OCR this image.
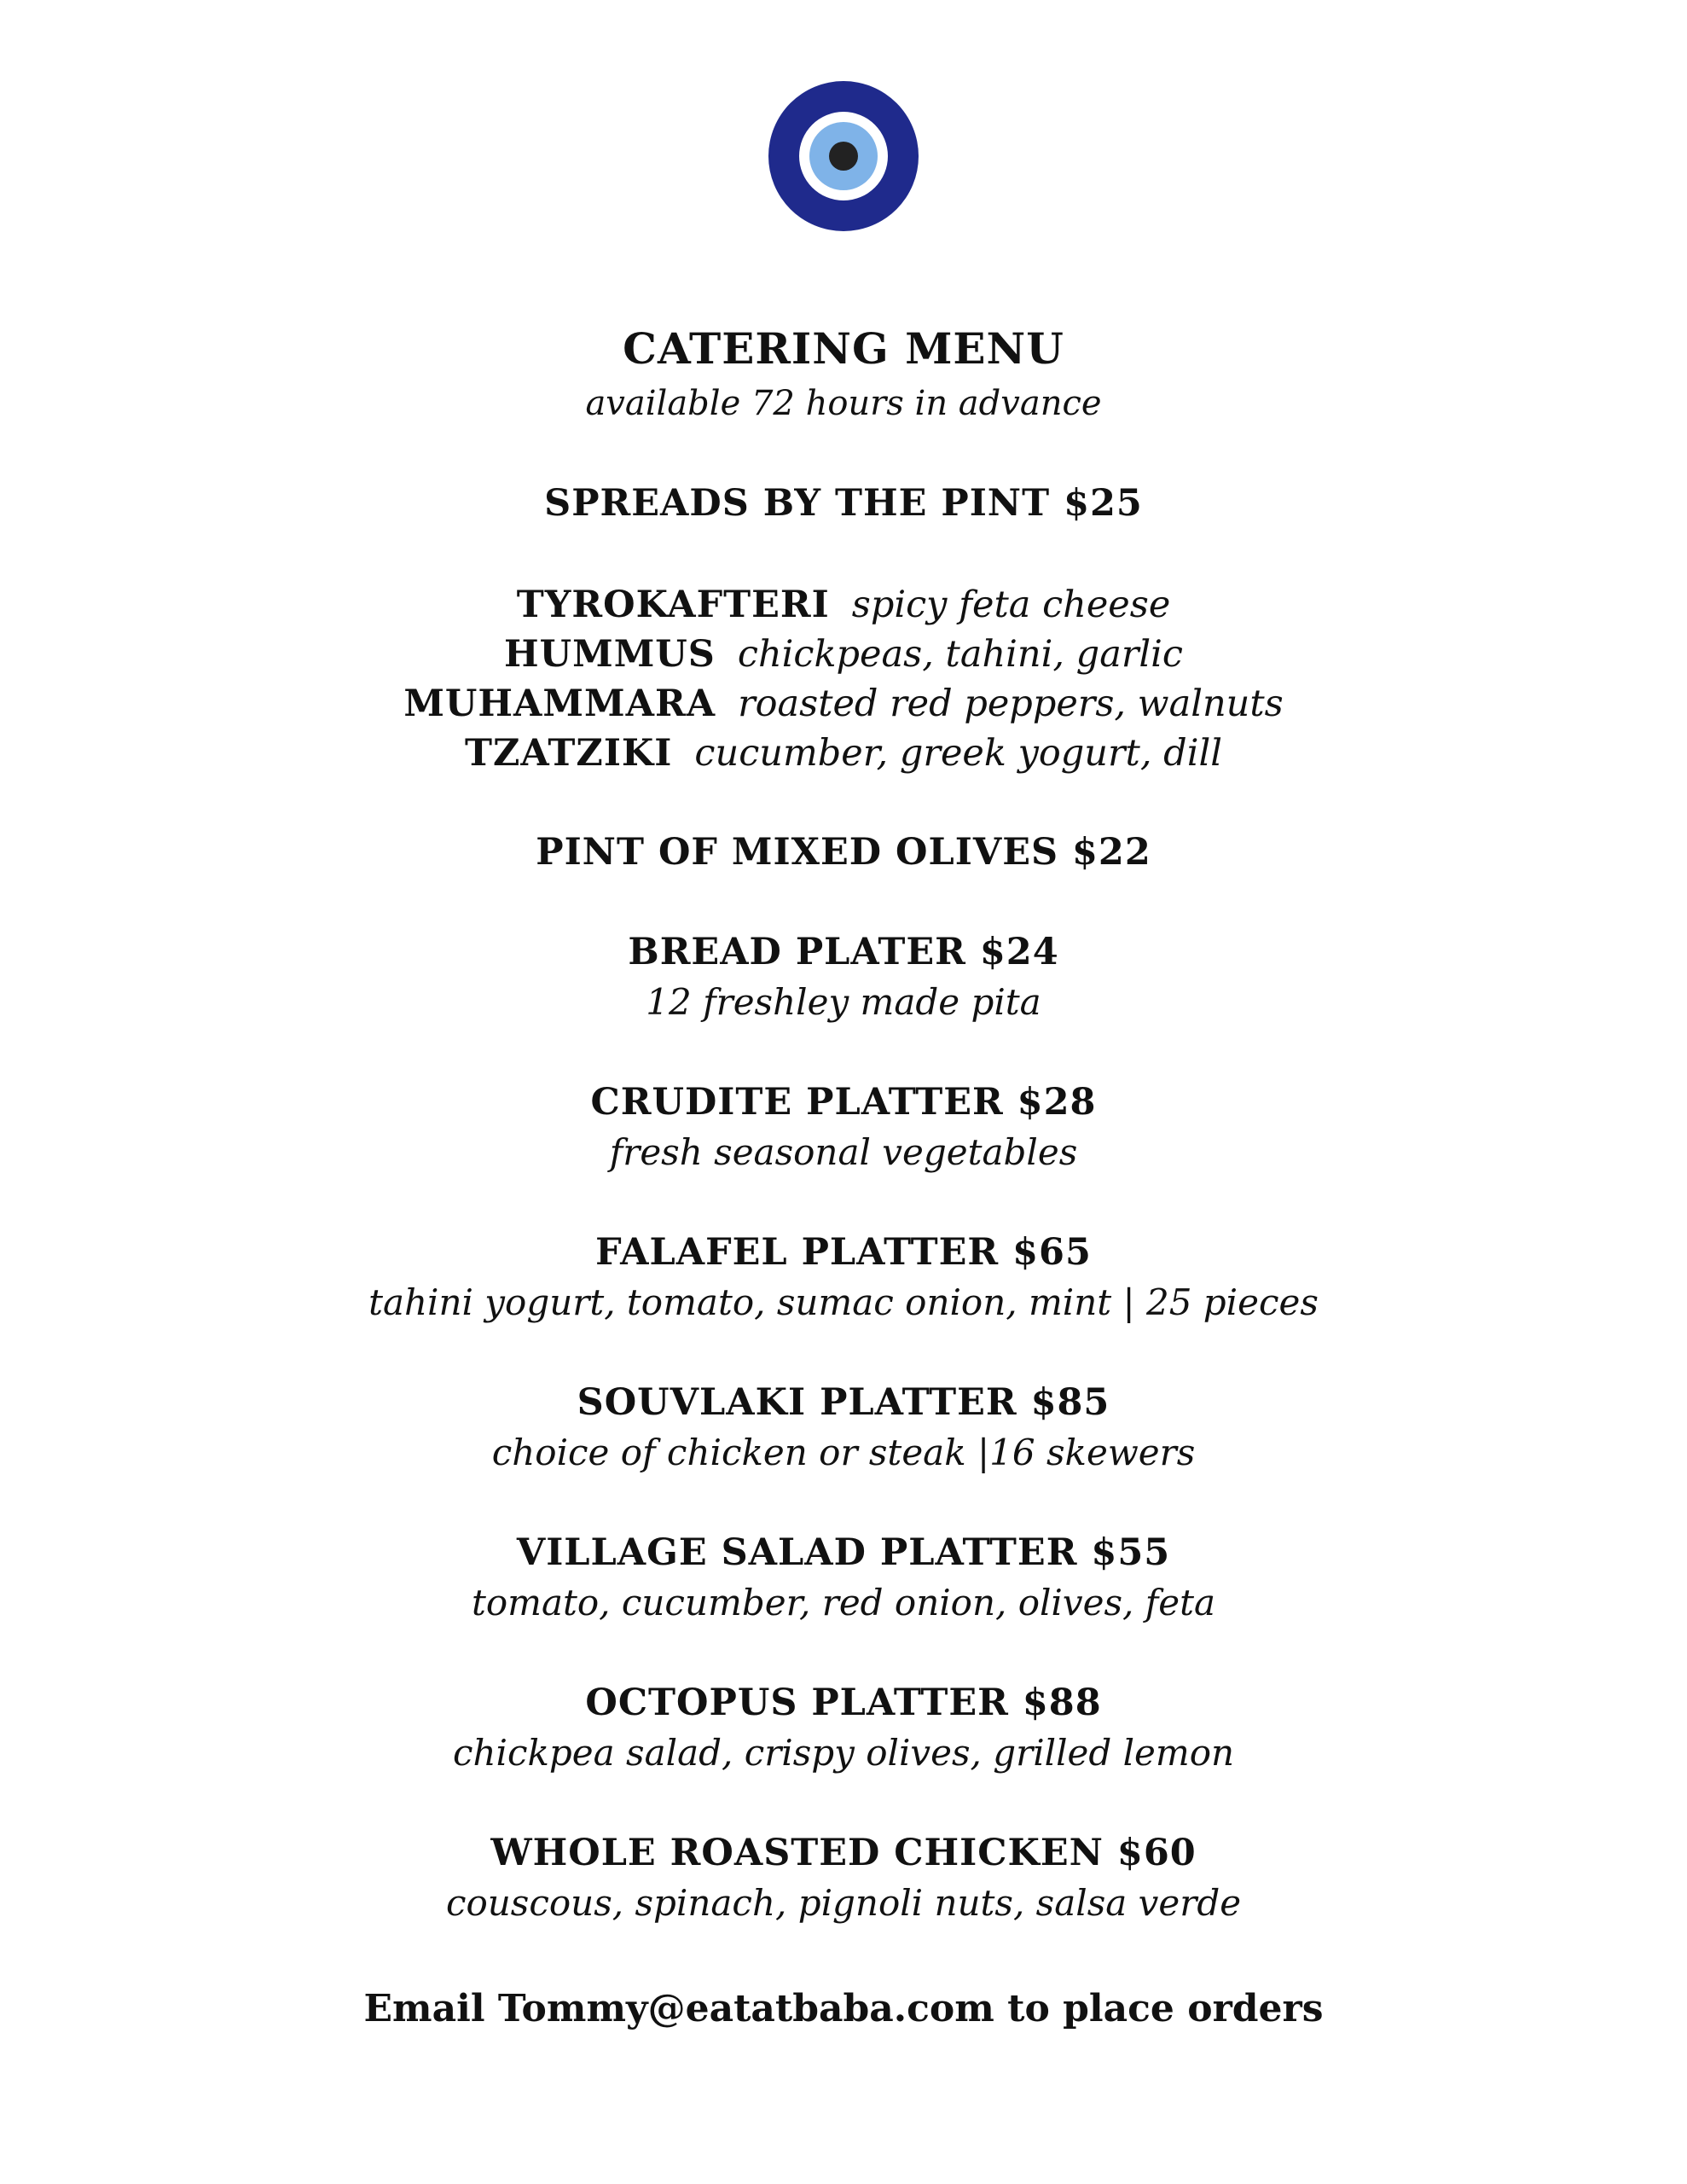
CATERING MENU
available 72 hours in advance
SPREADS BY THE PINT $25
TYROKAFTERI spicy feta cheese
HUMMUS chickpeas, tahini, garlic
MUHAMMARA roasted red peppers, walnuts
TZATZIKI cucumber, greek yogurt, dill
PINT OF MIXED OLIVES $22
BREAD PLATER $24
12 freshley made pita
CRUDITE PLATTER $28
fresh seasonal vegetables
FALAFEL PLATTER $65
tahini yogurt, tomato, sumac onion, mint | 25 pieces
SOUVLAKI PLATTER $85
choice of chicken or steak |16 skewers
VILLAGE SALAD PLATTER $55
tomato, cucumber, red onion, olives, feta
OCTOPUS PLATTER $88
chickpea salad, crispy olives, grilled lemon
WHOLE ROASTED CHICKEN $60
couscous, spinach, pignoli nuts, salsa verde
Email Tommy@eatatbaba.com to place orders
